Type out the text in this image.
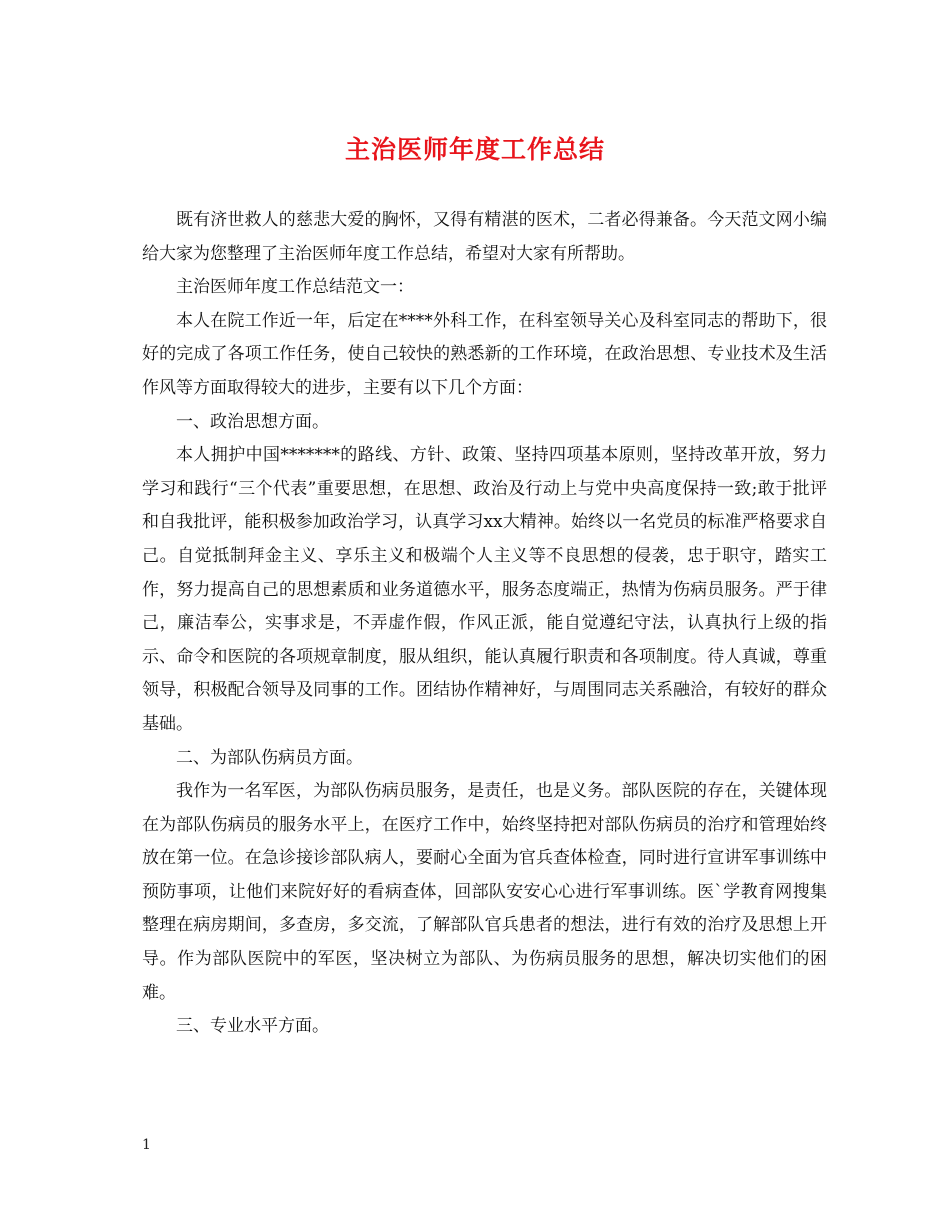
主治医师年度工作总结

既有济世救人的慈悲大爱的胸怀，又得有精湛的医术，二者必得兼备。今天范文网小编给大家为您整理了主治医师年度工作总结，希望对大家有所帮助。

主治医师年度工作总结范文一：

本人在院工作近一年，后定在****外科工作，在科室领导关心及科室同志的帮助下，很好的完成了各项工作任务，使自己较快的熟悉新的工作环境，在政治思想、专业技术及生活作风等方面取得较大的进步，主要有以下几个方面：

一、政治思想方面。

本人拥护中国*******的路线、方针、政策、坚持四项基本原则，坚持改革开放，努力学习和践行“三个代表”重要思想，在思想、政治及行动上与党中央高度保持一致;敢于批评和自我批评，能积极参加政治学习，认真学习xx大精神。始终以一名党员的标准严格要求自己。自觉抵制拜金主义、享乐主义和极端个人主义等不良思想的侵袭，忠于职守，踏实工作，努力提高自己的思想素质和业务道德水平，服务态度端正，热情为伤病员服务。严于律己，廉洁奉公，实事求是，不弄虚作假，作风正派，能自觉遵纪守法，认真执行上级的指示、命令和医院的各项规章制度，服从组织，能认真履行职责和各项制度。待人真诚，尊重领导，积极配合领导及同事的工作。团结协作精神好，与周围同志关系融洽，有较好的群众基础。

二、为部队伤病员方面。

我作为一名军医，为部队伤病员服务，是责任，也是义务。部队医院的存在，关键体现在为部队伤病员的服务水平上，在医疗工作中，始终坚持把对部队伤病员的治疗和管理始终放在第一位。在急诊接诊部队病人，要耐心全面为官兵查体检查，同时进行宣讲军事训练中预防事项，让他们来院好好的看病查体，回部队安安心心进行军事训练。医`学教育网搜集整理在病房期间，多查房，多交流，了解部队官兵患者的想法，进行有效的治疗及思想上开导。作为部队医院中的军医，坚决树立为部队、为伤病员服务的思想，解决切实他们的困难。

三、专业水平方面。

1
